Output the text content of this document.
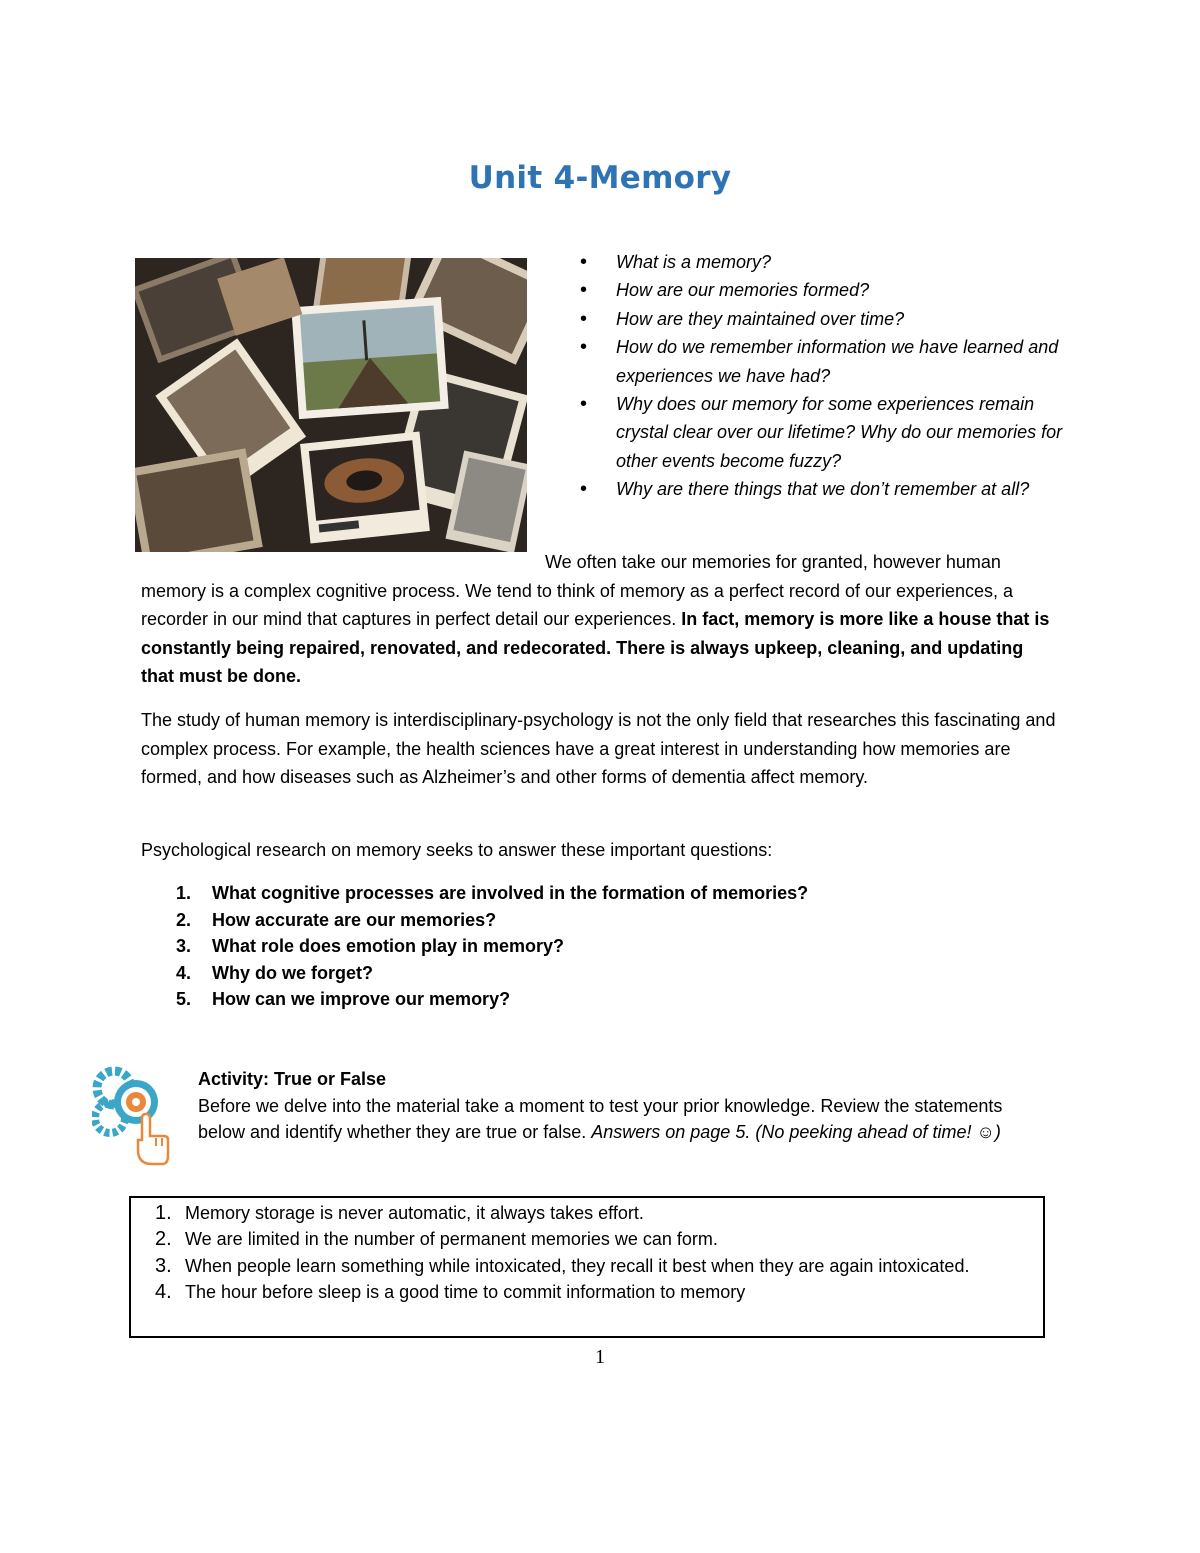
Unit 4-Memory
• What is a memory?
• How are our memories formed?
• How are they maintained over time?
• How do we remember information we have learned and experiences we have had?
• Why does our memory for some experiences remain crystal clear over our lifetime? Why do our memories for other events become fuzzy?
• Why are there things that we don’t remember at all?

We often take our memories for granted, however human memory is a complex cognitive process. We tend to think of memory as a perfect record of our experiences, a recorder in our mind that captures in perfect detail our experiences. In fact, memory is more like a house that is constantly being repaired, renovated, and redecorated. There is always upkeep, cleaning, and updating that must be done.

The study of human memory is interdisciplinary-psychology is not the only field that researches this fascinating and complex process. For example, the health sciences have a great interest in understanding how memories are formed, and how diseases such as Alzheimer’s and other forms of dementia affect memory.

Psychological research on memory seeks to answer these important questions:

1. What cognitive processes are involved in the formation of memories?
2. How accurate are our memories?
3. What role does emotion play in memory?
4. Why do we forget?
5. How can we improve our memory?
Activity: True or False
Before we delve into the material take a moment to test your prior knowledge. Review the statements below and identify whether they are true or false. Answers on page 5. (No peeking ahead of time! ☺)
1. Memory storage is never automatic, it always takes effort.
2. We are limited in the number of permanent memories we can form.
3. When people learn something while intoxicated, they recall it best when they are again intoxicated.
4. The hour before sleep is a good time to commit information to memory
1
